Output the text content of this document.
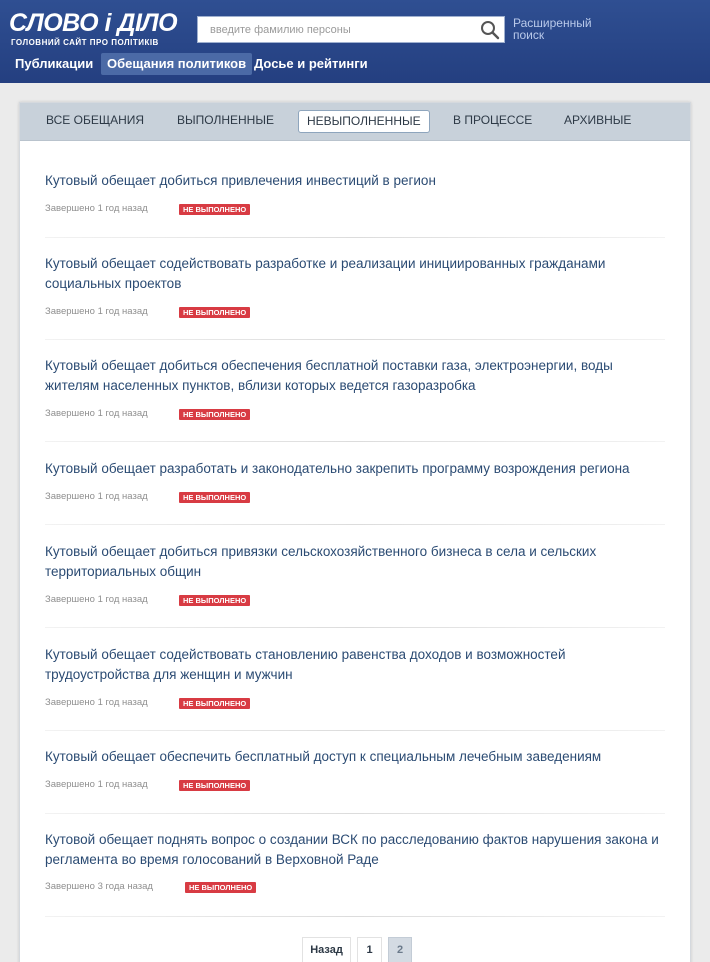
СЛОВО і ДІЛО
ГОЛОВНИЙ САЙТ ПРО ПОЛІТИКІВ
введите фамилию персоны
Расширенный поиск
Публикации	Обещания политиков Досье и рейтинги
ВСЕ ОБЕЩАНИЯ	ВЫПОЛНЕННЫЕ	НЕВЫПОЛНЕННЫЕ	В ПРОЦЕССЕ	АРХИВНЫЕ
Кутовый обещает добиться привлечения инвестиций в регион
Завершено 1 год назад	НЕ ВЫПОЛНЕНО
Кутовый обещает содействовать разработке и реализации инициированных гражданами социальных проектов
Завершено 1 год назад	НЕ ВЫПОЛНЕНО
Кутовый обещает добиться обеспечения бесплатной поставки газа, электроэнергии, воды жителям населенных пунктов, вблизи которых ведется газоразробка
Завершено 1 год назад	НЕ ВЫПОЛНЕНО
Кутовый обещает разработать и законодательно закрепить программу возрождения региона
Завершено 1 год назад	НЕ ВЫПОЛНЕНО
Кутовый обещает добиться привязки сельскохозяйственного бизнеса в села и сельских территориальных общин
Завершено 1 год назад	НЕ ВЫПОЛНЕНО
Кутовый обещает содействовать становлению равенства доходов и возможностей трудоустройства для женщин и мужчин
Завершено 1 год назад	НЕ ВЫПОЛНЕНО
Кутовый обещает обеспечить бесплатный доступ к специальным лечебным заведениям
Завершено 1 год назад	НЕ ВЫПОЛНЕНО
Кутовой обещает поднять вопрос о создании ВСК по расследованию фактов нарушения закона и регламента во время голосований в Верховной Раде
Завершено 3 года назад	НЕ ВЫПОЛНЕНО
Назад	1	2
